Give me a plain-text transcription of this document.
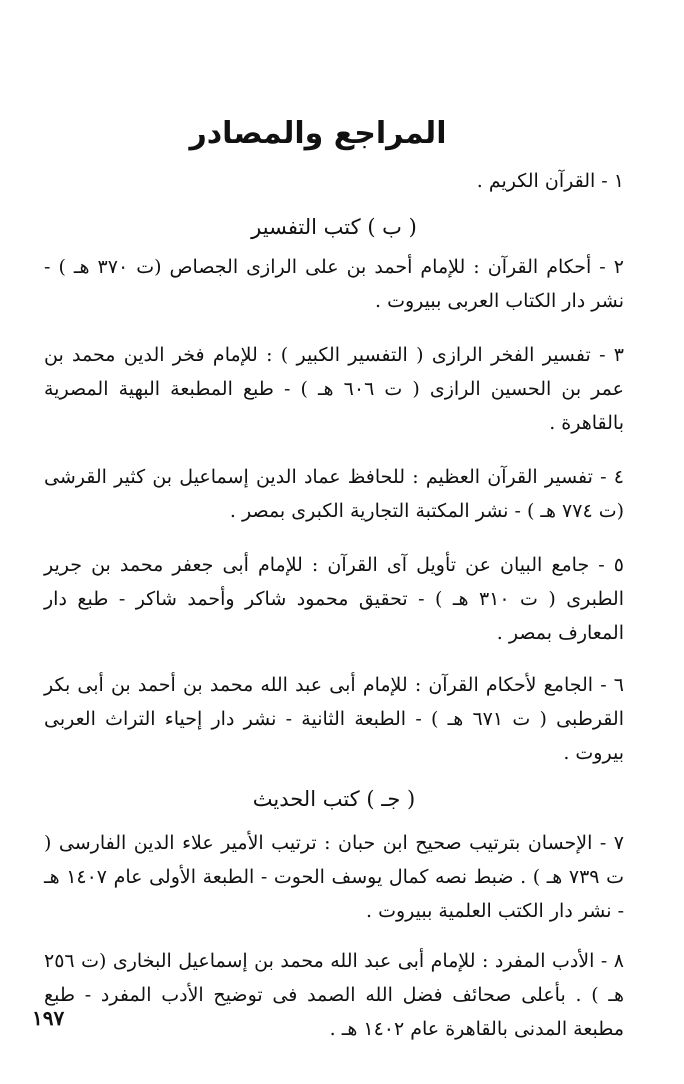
المراجع والمصادر

١ - القرآن الكريم .

( ب ) كتب التفسير

٢ - أحكام القرآن : للإمام أحمد بن على الرازى الجصاص (ت ٣٧٠ هـ ) - نشر دار الكتاب العربى ببيروت .

٣ - تفسير الفخر الرازى ( التفسير الكبير ) : للإمام فخر الدين محمد بن عمر بن الحسين الرازى ( ت ٦٠٦ هـ ) - طبع المطبعة البهية المصرية بالقاهرة .

٤ - تفسير القرآن العظيم : للحافظ عماد الدين إسماعيل بن كثير القرشى (ت ٧٧٤ هـ ) - نشر المكتبة التجارية الكبرى بمصر .

٥ - جامع البيان عن تأويل آى القرآن : للإمام أبى جعفر محمد بن جرير الطبرى ( ت ٣١٠ هـ ) - تحقيق محمود شاكر وأحمد شاكر - طبع دار المعارف بمصر .

٦ - الجامع لأحكام القرآن : للإمام أبى عبد الله محمد بن أحمد بن أبى بكر القرطبى ( ت ٦٧١ هـ ) - الطبعة الثانية - نشر دار إحياء التراث العربى بيروت .

( جـ ) كتب الحديث

٧ - الإحسان بترتيب صحيح ابن حبان : ترتيب الأمير علاء الدين الفارسى ( ت ٧٣٩ هـ ) . ضبط نصه كمال يوسف الحوت - الطبعة الأولى عام ١٤٠٧ هـ - نشر دار الكتب العلمية ببيروت .

٨ - الأدب المفرد : للإمام أبى عبد الله محمد بن إسماعيل البخارى (ت ٢٥٦ هـ ) . بأعلى صحائف فضل الله الصمد فى توضيح الأدب المفرد - طبع مطبعة المدنى بالقاهرة عام ١٤٠٢ هـ .

١٩٧
